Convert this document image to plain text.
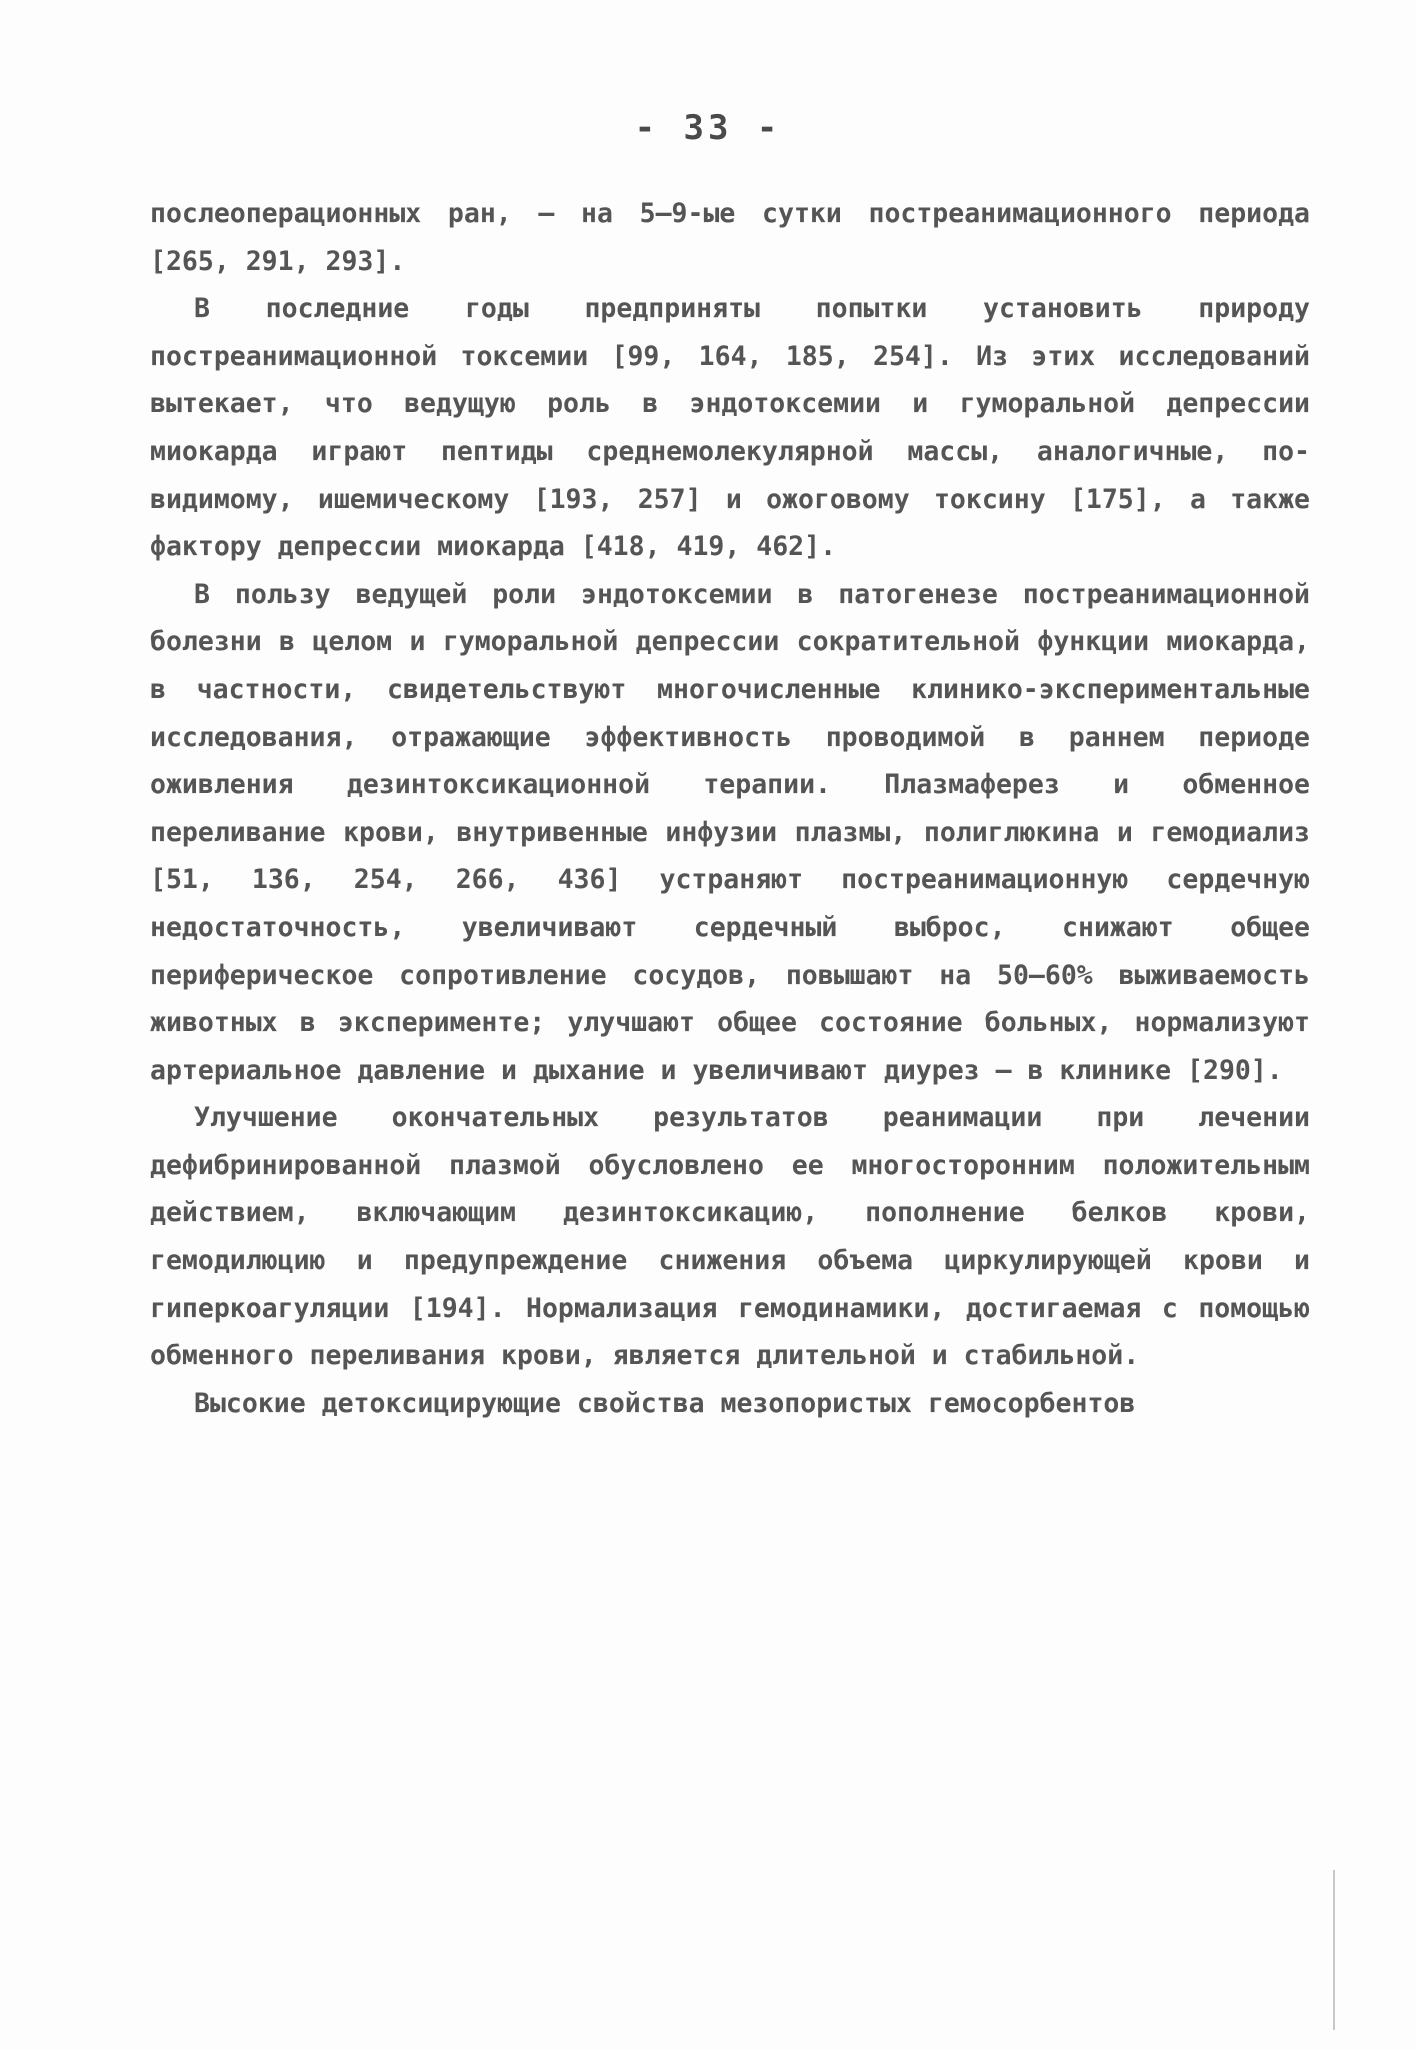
- 33 -

послеоперационных ран, – на 5–9-ые сутки постреанимационного периода [265, 291, 293].

В последние годы предприняты попытки установить природу постреанимационной токсемии [99, 164, 185, 254]. Из этих исследований вытекает, что ведущую роль в эндотоксемии и гуморальной депрессии миокарда играют пептиды среднемолекулярной массы, аналогичные, по-видимому, ишемическому [193, 257] и ожоговому токсину [175], а также фактору депрессии миокарда [418, 419, 462].

В пользу ведущей роли эндотоксемии в патогенезе постреанимационной болезни в целом и гуморальной депрессии сократительной функции миокарда, в частности, свидетельствуют многочисленные клинико-экспериментальные исследования, отражающие эффективность проводимой в раннем периоде оживления дезинтоксикационной терапии. Плазмаферез и обменное переливание крови, внутривенные инфузии плазмы, полиглюкина и гемодиализ [51, 136, 254, 266, 436] устраняют постреанимационную сердечную недостаточность, увеличивают сердечный выброс, снижают общее периферическое сопротивление сосудов, повышают на 50–60% выживаемость животных в эксперименте; улучшают общее состояние больных, нормализуют артериальное давление и дыхание и увеличивают диурез – в клинике [290].

Улучшение окончательных результатов реанимации при лечении дефибринированной плазмой обусловлено ее многосторонним положительным действием, включающим дезинтоксикацию, пополнение белков крови, гемодилюцию и предупреждение снижения объема циркулирующей крови и гиперкоагуляции [194]. Нормализация гемодинамики, достигаемая с помощью обменного переливания крови, является длительной и стабильной.

Высокие детоксицирующие свойства мезопористых гемосорбентов
